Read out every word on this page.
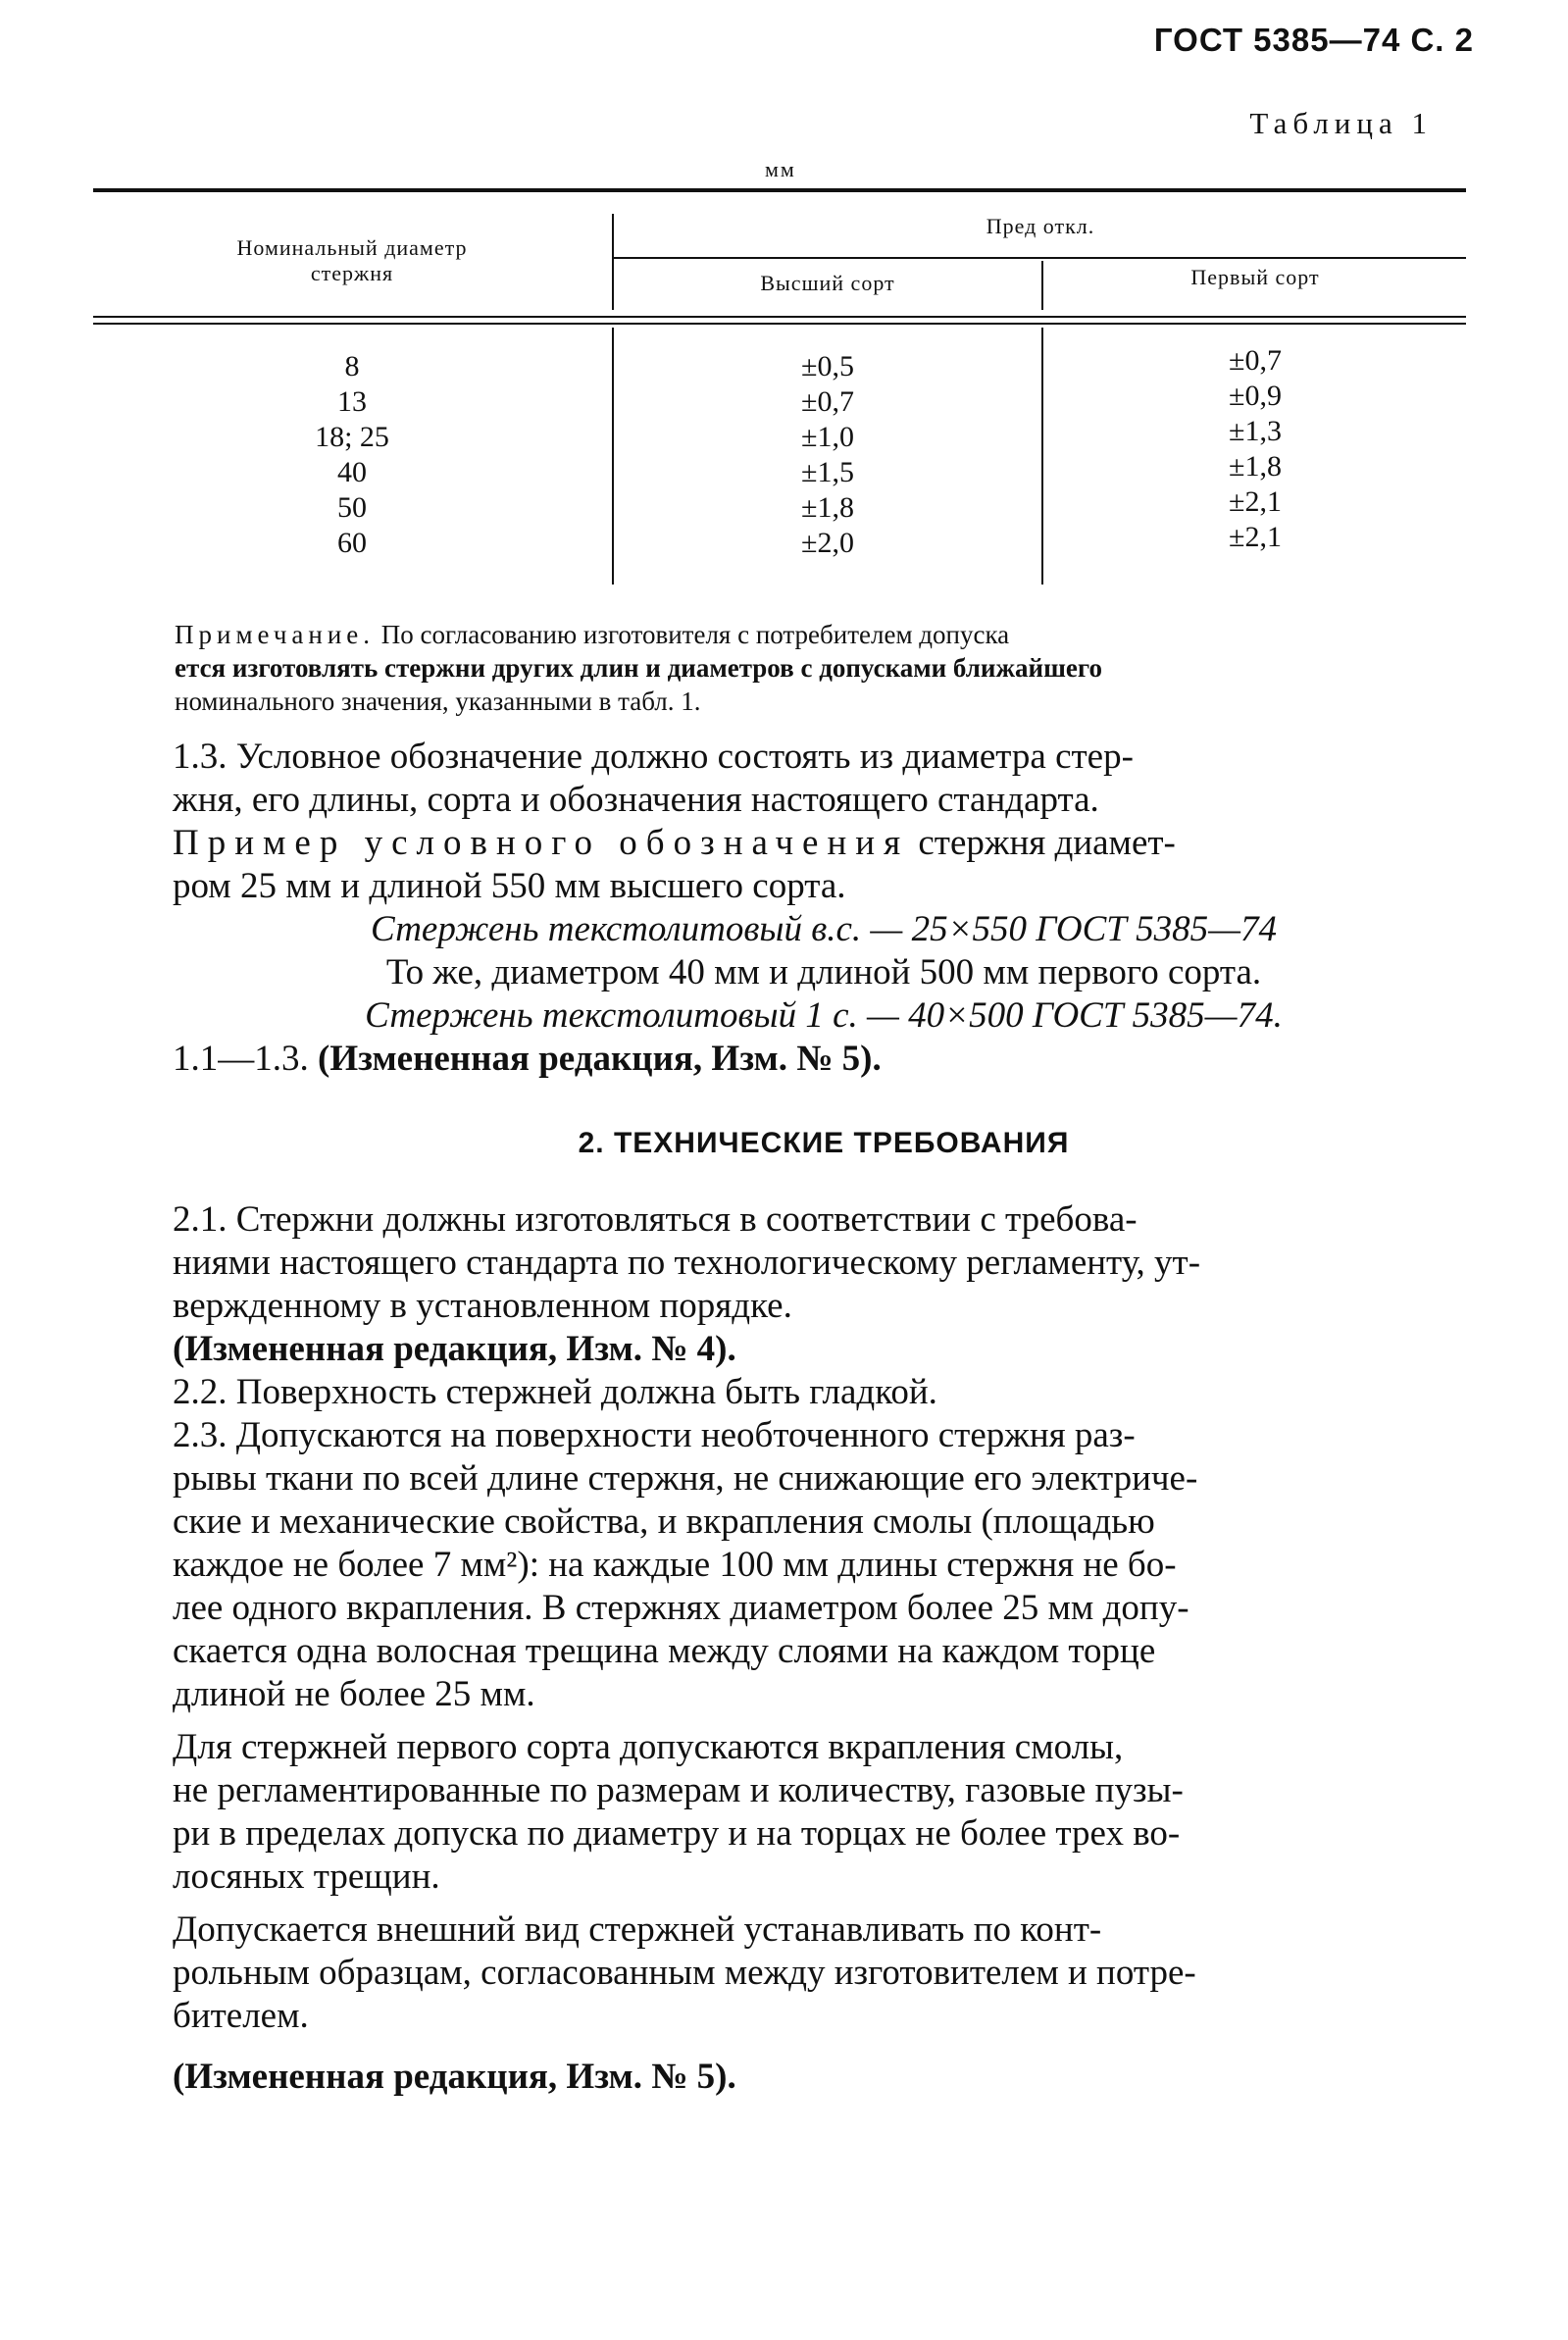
ГОСТ 5385—74 С. 2
Таблица 1
мм
Номинальный диаметр
стержня
Пред откл.
Высший сорт	Первый сорт
8
13
18; 25
40
50
60
±0,5
±0,7
±1,0
±1,5
±1,8
±2,0
±0,7
±0,9
±1,3
±1,8
±2,1
±2,1
Примечание. По согласованию изготовителя с потребителем допуска
ется изготовлять стержни других длин и диаметров с допусками ближайшего
номинального значения, указанными в табл. 1.

1.3. Условное обозначение должно состоять из диаметра стер-

жня, его длины, сорта и обозначения настоящего стандарта.

Пример условного обозначения стержня диамет-

ром 25 мм и длиной 550 мм высшего сорта.

Стержень текстолитовый в.с. — 25×550 ГОСТ 5385—74

То же, диаметром 40 мм и длиной 500 мм первого сорта.

Стержень текстолитовый 1 с. — 40×500 ГОСТ 5385—74.

1.1—1.3. (Измененная редакция, Изм. № 5).

2. ТЕХНИЧЕСКИЕ ТРЕБОВАНИЯ

2.1. Стержни должны изготовляться в соответствии с требова-

ниями настоящего стандарта по технологическому регламенту, ут-

вержденному в установленном порядке.

(Измененная редакция, Изм. № 4).

2.2. Поверхность стержней должна быть гладкой.

2.3. Допускаются на поверхности необточенного стержня раз-

рывы ткани по всей длине стержня, не снижающие его электриче-

ские и механические свойства, и вкрапления смолы (площадью

каждое не более 7 мм²): на каждые 100 мм длины стержня не бо-

лее одного вкрапления. В стержнях диаметром более 25 мм допу-

скается одна волосная трещина между слоями на каждом торце

длиной не более 25 мм.

Для стержней первого сорта допускаются вкрапления смолы,

не регламентированные по размерам и количеству, газовые пузы-

ри в пределах допуска по диаметру и на торцах не более трех во-

лосяных трещин.

Допускается внешний вид стержней устанавливать по конт-

рольным образцам, согласованным между изготовителем и потре-

бителем.

(Измененная редакция, Изм. № 5).
